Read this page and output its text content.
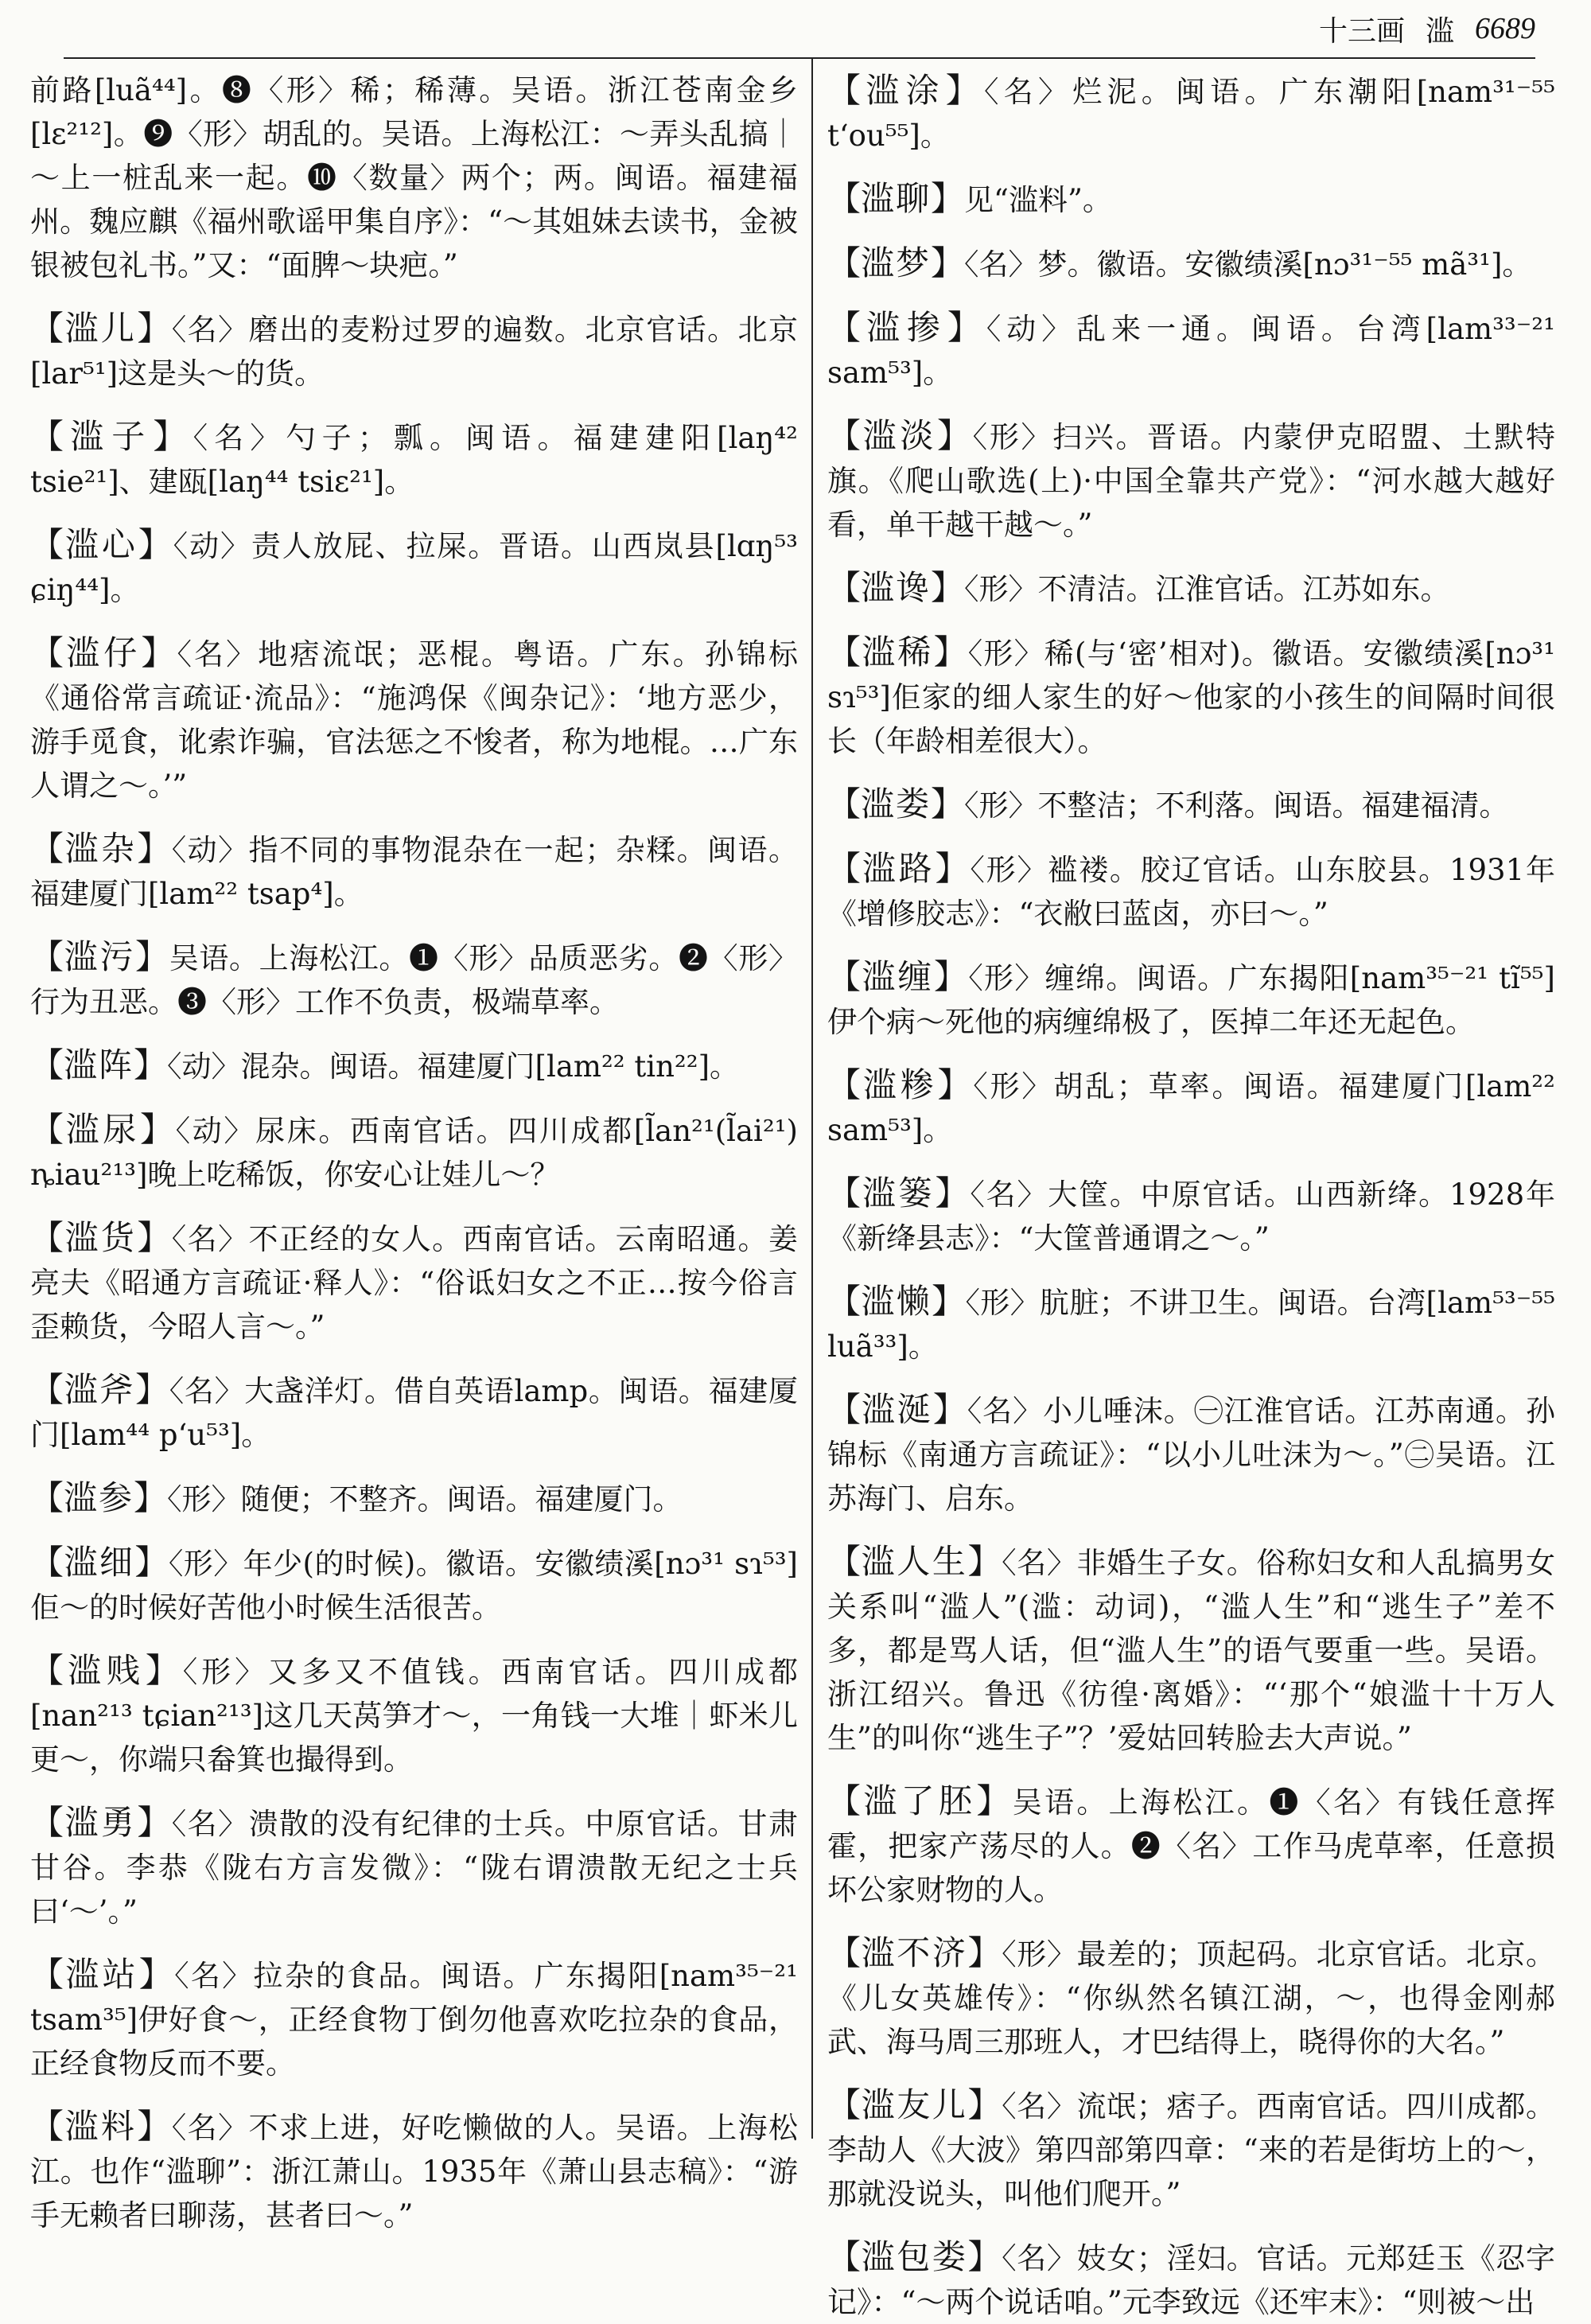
十三画 滥 6689

前路[luã⁴⁴]。❽〈形〉稀；稀薄。吴语。浙江苍南金乡[lɛ²¹²]。❾〈形〉胡乱的。吴语。上海松江：～弄头乱搞｜～上一桩乱来一起。❿〈数量〉两个；两。闽语。福建福州。魏应麒《福州歌谣甲集自序》：“～其姐妹去读书，金被银被包礼书。”又：“面脾～块疤。”

【滥儿】〈名〉磨出的麦粉过罗的遍数。北京官话。北京[lar⁵¹]这是头～的货。

【滥子】〈名〉勺子；瓢。闽语。福建建阳[laŋ⁴² tsie²¹]、建瓯[laŋ⁴⁴ tsiɛ²¹]。

【滥心】〈动〉责人放屁、拉屎。晋语。山西岚县[lɑŋ⁵³ ɕiŋ⁴⁴]。

【滥仔】〈名〉地痞流氓；恶棍。粤语。广东。孙锦标《通俗常言疏证·流品》：“施鸿保《闽杂记》：‘地方恶少，游手觅食，讹索诈骗，官法惩之不悛者，称为地棍。…广东人谓之～。’”

【滥杂】〈动〉指不同的事物混杂在一起；杂糅。闽语。福建厦门[lam²² tsap⁴]。

【滥污】吴语。上海松江。❶〈形〉品质恶劣。❷〈形〉行为丑恶。❸〈形〉工作不负责，极端草率。

【滥阵】〈动〉混杂。闽语。福建厦门[lam²² tin²²]。

【滥尿】〈动〉尿床。西南官话。四川成都[l̃an²¹(l̃ai²¹) ȵiau²¹³]晚上吃稀饭，你安心让娃儿～？

【滥货】〈名〉不正经的女人。西南官话。云南昭通。姜亮夫《昭通方言疏证·释人》：“俗诋妇女之不正…按今俗言歪赖货，今昭人言～。”

【滥斧】〈名〉大盏洋灯。借自英语lamp。闽语。福建厦门[lam⁴⁴ p‘u⁵³]。

【滥参】〈形〉随便；不整齐。闽语。福建厦门。

【滥细】〈形〉年少(的时候)。徽语。安徽绩溪[nɔ³¹ sɿ⁵³]佢～的时候好苦他小时候生活很苦。

【滥贱】〈形〉又多又不值钱。西南官话。四川成都[nan²¹³ tɕian²¹³]这几天莴笋才～，一角钱一大堆｜虾米儿更～，你端只畚箕也撮得到。

【滥勇】〈名〉溃散的没有纪律的士兵。中原官话。甘肃甘谷。李恭《陇右方言发微》：“陇右谓溃散无纪之士兵曰‘～’。”

【滥站】〈名〉拉杂的食品。闽语。广东揭阳[nam³⁵⁻²¹ tsam³⁵]伊好食～，正经食物丁倒勿他喜欢吃拉杂的食品，正经食物反而不要。

【滥料】〈名〉不求上进，好吃懒做的人。吴语。上海松江。也作“滥聊”：浙江萧山。1935年《萧山县志稿》：“游手无赖者曰聊荡，甚者曰～。”

【滥涂】〈名〉烂泥。闽语。广东潮阳[nam³¹⁻⁵⁵ t‘ou⁵⁵]。

【滥聊】见“滥料”。

【滥梦】〈名〉梦。徽语。安徽绩溪[nɔ³¹⁻⁵⁵ mã³¹]。

【滥掺】〈动〉乱来一通。闽语。台湾[lam³³⁻²¹ sam⁵³]。

【滥淡】〈形〉扫兴。晋语。内蒙伊克昭盟、土默特旗。《爬山歌选(上)·中国全靠共产党》：“河水越大越好看，单干越干越～。”

【滥谗】〈形〉不清洁。江淮官话。江苏如东。

【滥稀】〈形〉稀(与‘密’相对)。徽语。安徽绩溪[nɔ³¹ sɿ⁵³]佢家的细人家生的好～他家的小孩生的间隔时间很长（年龄相差很大）。

【滥娄】〈形〉不整洁；不利落。闽语。福建福清。

【滥路】〈形〉褴褛。胶辽官话。山东胶县。1931年《增修胶志》：“衣敝曰蓝卤，亦曰～。”

【滥缠】〈形〉缠绵。闽语。广东揭阳[nam³⁵⁻²¹ tĩ⁵⁵]伊个病～死他的病缠绵极了，医掉二年还无起色。

【滥糁】〈形〉胡乱；草率。闽语。福建厦门[lam²² sam⁵³]。

【滥篓】〈名〉大筐。中原官话。山西新绛。1928年《新绛县志》：“大筐普通谓之～。”

【滥懒】〈形〉肮脏；不讲卫生。闽语。台湾[lam⁵³⁻⁵⁵ luã³³]。

【滥涎】〈名〉小儿唾沫。㊀江淮官话。江苏南通。孙锦标《南通方言疏证》：“以小儿吐沫为～。”㊁吴语。江苏海门、启东。

【滥人生】〈名〉非婚生子女。俗称妇女和人乱搞男女关系叫“滥人”(滥：动词)，“滥人生”和“逃生子”差不多，都是骂人话，但“滥人生”的语气要重一些。吴语。浙江绍兴。鲁迅《彷徨·离婚》：“‘那个“娘滥十十万人生”的叫你“逃生子”？’爱姑回转脸去大声说。”

【滥了胚】吴语。上海松江。❶〈名〉有钱任意挥霍，把家产荡尽的人。❷〈名〉工作马虎草率，任意损坏公家财物的人。

【滥不济】〈形〉最差的；顶起码。北京官话。北京。《儿女英雄传》：“你纵然名镇江湖，～，也得金刚郝武、海马周三那班人，才巴结得上，晓得你的大名。”

【滥友儿】〈名〉流氓；痞子。西南官话。四川成都。李劼人《大波》第四部第四章：“来的若是街坊上的～，那就没说头，叫他们爬开。”

【滥包娄】〈名〉妓女；淫妇。官话。元郑廷玉《忍字记》：“～两个说话咱。”元李致远《还牢末》：“则被～出
